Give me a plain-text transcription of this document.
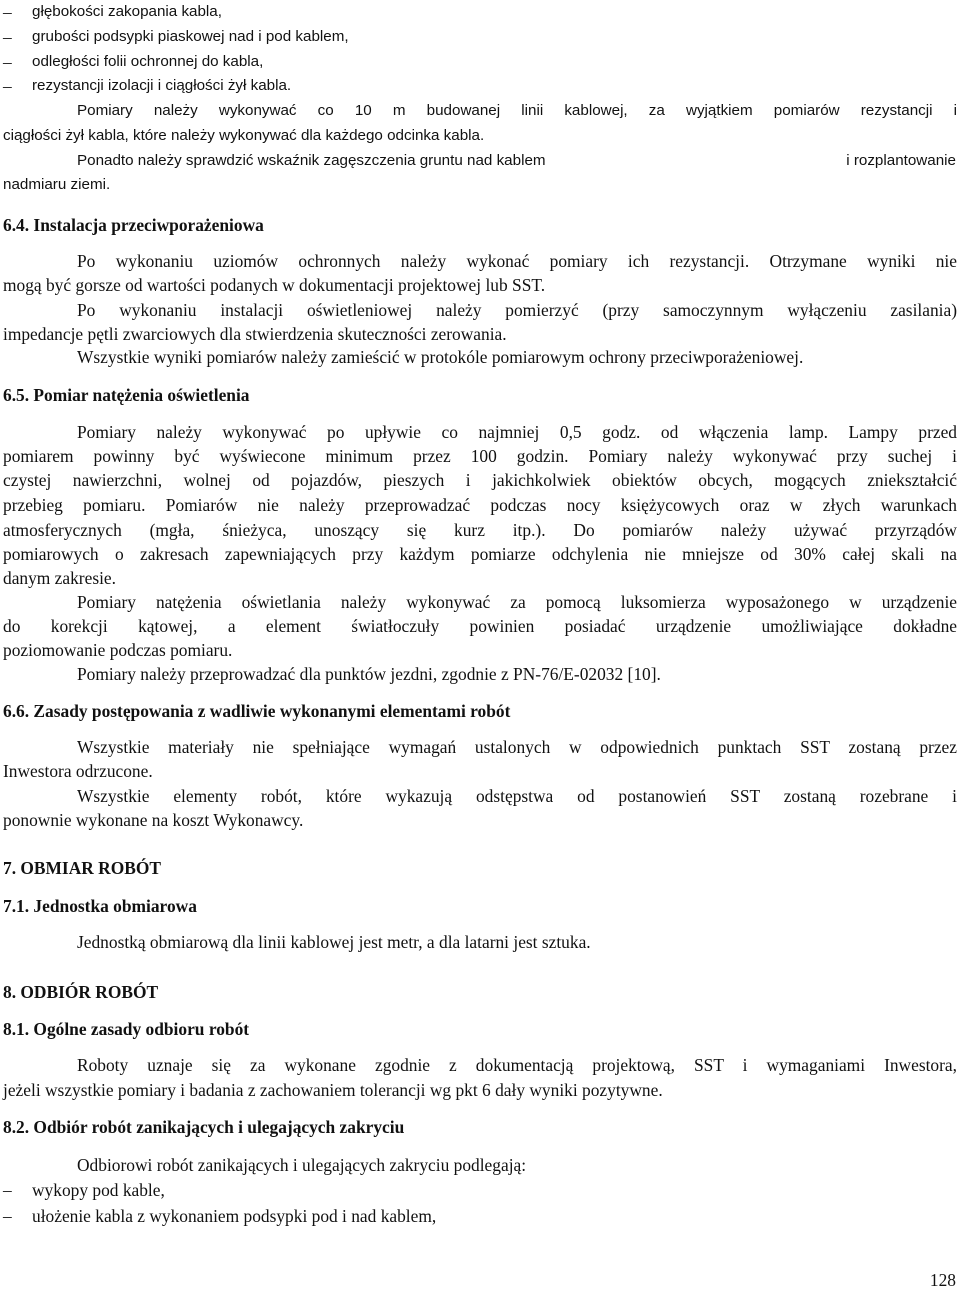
– głębokości zakopania kabla,
– grubości podsypki piaskowej nad i pod kablem,
– odległości folii ochronnej do kabla,
– rezystancji izolacji i ciągłości żył kabla.
Pomiary należy wykonywać co 10 m budowanej linii kablowej, za wyjątkiem pomiarów rezystancji i
ciągłości żył kabla, które należy wykonywać dla każdego odcinka kabla.
Ponadto należy sprawdzić wskaźnik zagęszczenia gruntu nad kablem	i rozplantowanie
nadmiaru ziemi.
6.4. Instalacja przeciwporażeniowa
Po wykonaniu uziomów ochronnych należy wykonać pomiary ich rezystancji. Otrzymane wyniki nie
mogą być gorsze od wartości podanych w dokumentacji projektowej lub SST.
Po wykonaniu instalacji oświetleniowej należy pomierzyć (przy samoczynnym wyłączeniu zasilania)
impedancje pętli zwarciowych dla stwierdzenia skuteczności zerowania.
Wszystkie wyniki pomiarów należy zamieścić w protokóle pomiarowym ochrony przeciwporażeniowej.
6.5. Pomiar natężenia oświetlenia
Pomiary należy wykonywać po upływie co najmniej 0,5 godz. od włączenia lamp. Lampy przed
pomiarem powinny być wyświecone minimum przez 100 godzin. Pomiary należy wykonywać przy suchej i
czystej nawierzchni, wolnej od pojazdów, pieszych i jakichkolwiek obiektów obcych, mogących zniekształcić
przebieg pomiaru. Pomiarów nie należy przeprowadzać podczas nocy księżycowych oraz w złych warunkach
atmosferycznych (mgła, śnieżyca, unoszący się kurz itp.). Do pomiarów należy używać przyrządów
pomiarowych o zakresach zapewniających przy każdym pomiarze odchylenia nie mniejsze od 30% całej skali na
danym zakresie.
Pomiary natężenia oświetlania należy wykonywać za pomocą luksomierza wyposażonego w urządzenie
do korekcji kątowej, a element światłoczuły powinien posiadać urządzenie umożliwiające dokładne
poziomowanie podczas pomiaru.
Pomiary należy przeprowadzać dla punktów jezdni, zgodnie z PN-76/E-02032 [10].
6.6. Zasady postępowania z wadliwie wykonanymi elementami robót
Wszystkie materiały nie spełniające wymagań ustalonych w odpowiednich punktach SST zostaną przez
Inwestora odrzucone.
Wszystkie elementy robót, które wykazują odstępstwa od postanowień SST zostaną rozebrane i
ponownie wykonane na koszt Wykonawcy.
7. OBMIAR ROBÓT
7.1. Jednostka obmiarowa
Jednostką obmiarową dla linii kablowej jest metr, a dla latarni jest sztuka.
8. ODBIÓR ROBÓT
8.1. Ogólne zasady odbioru robót
Roboty uznaje się za wykonane zgodnie z dokumentacją projektową, SST i wymaganiami Inwestora,
jeżeli wszystkie pomiary i badania z zachowaniem tolerancji wg pkt 6 dały wyniki pozytywne.
8.2. Odbiór robót zanikających i ulegających zakryciu
Odbiorowi robót zanikających i ulegających zakryciu podlegają:
– wykopy pod kable,
– ułożenie kabla z wykonaniem podsypki pod i nad kablem,
128
